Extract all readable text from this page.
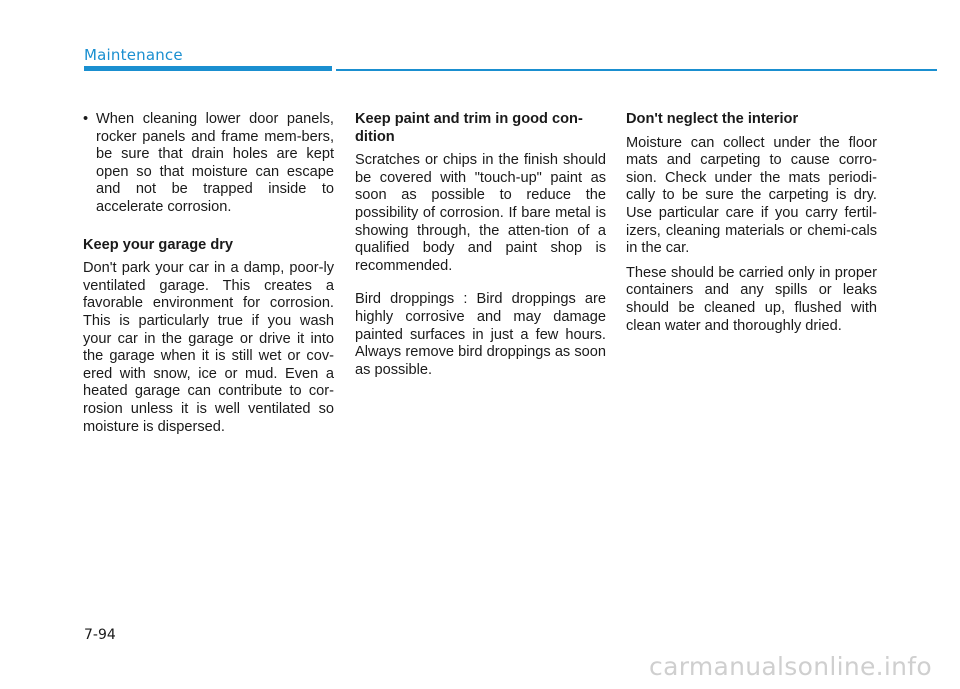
Maintenance
• When cleaning lower door panels, rocker panels and frame mem-bers, be sure that drain holes are kept open so that moisture can escape and not be trapped inside to accelerate corrosion.
Keep your garage dry

Don't park your car in a damp, poor-ly ventilated garage. This creates a favorable environment for corrosion. This is particularly true if you wash your car in the garage or drive it into the garage when it is still wet or cov-ered with snow, ice or mud. Even a heated garage can contribute to cor-rosion unless it is well ventilated so moisture is dispersed.

Keep paint and trim in good con-dition

Scratches or chips in the finish should be covered with "touch-up" paint as soon as possible to reduce the possibility of corrosion. If bare metal is showing through, the atten-tion of a qualified body and paint shop is recommended.

Bird droppings : Bird droppings are highly corrosive and may damage painted surfaces in just a few hours. Always remove bird droppings as soon as possible.

Don't neglect the interior

Moisture can collect under the floor mats and carpeting to cause corro-sion. Check under the mats periodi-cally to be sure the carpeting is dry. Use particular care if you carry fertil-izers, cleaning materials or chemi-cals in the car.

These should be carried only in proper containers and any spills or leaks should be cleaned up, flushed with clean water and thoroughly dried.

7-94
carmanualsonline.info
